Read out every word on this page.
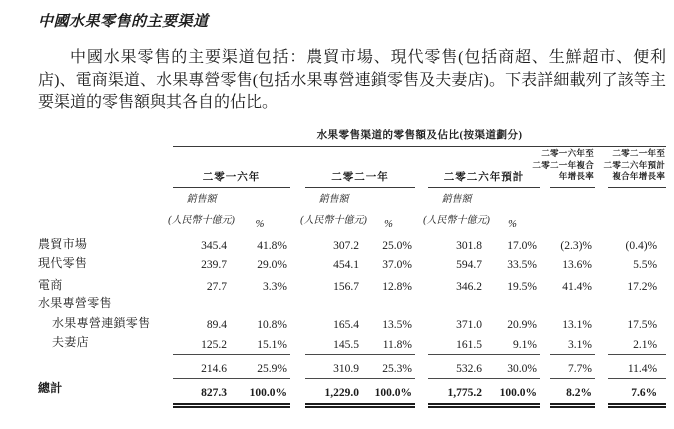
中國水果零售的主要渠道
中國水果零售的主要渠道包括：農貿市場、現代零售(包括商超、生鮮超市、便利店)、電商渠道、水果專營零售(包括水果專營連鎖零售及夫妻店)。下表詳細載列了該等主要渠道的零售額與其各自的佔比。
	水果零售渠道的零售額及佔比(按渠道劃分)											
	二零一六年			二零二一年			二零二六年預計			二零一六年至
二零二一年複合
年增長率		二零二一年至
二零二六年預計
複合年增長率

	銷售額
(人民幣十億元)	%		銷售額
(人民幣十億元)	%		銷售額
(人民幣十億元)	%				
農貿市場	345.4	41.8%		307.2	25.0%		301.8	17.0%		(2.3)%		(0.4)%
現代零售	239.7	29.0%		454.1	37.0%		594.7	33.5%		13.6%		5.5%
電商	27.7	3.3%		156.7	12.8%		346.2	19.5%		41.4%		17.2%
水果專營零售												
水果專營連鎖零售	89.4	10.8%		165.4	13.5%		371.0	20.9%		13.1%		17.5%
夫妻店	125.2	15.1%		145.5	11.8%		161.5	9.1%		3.1%		2.1%
	214.6	25.9%		310.9	25.3%		532.6	30.0%		7.7%		11.4%
總計	827.3	100.0%		1,229.0	100.0%		1,775.2	100.0%		8.2%		7.6%
